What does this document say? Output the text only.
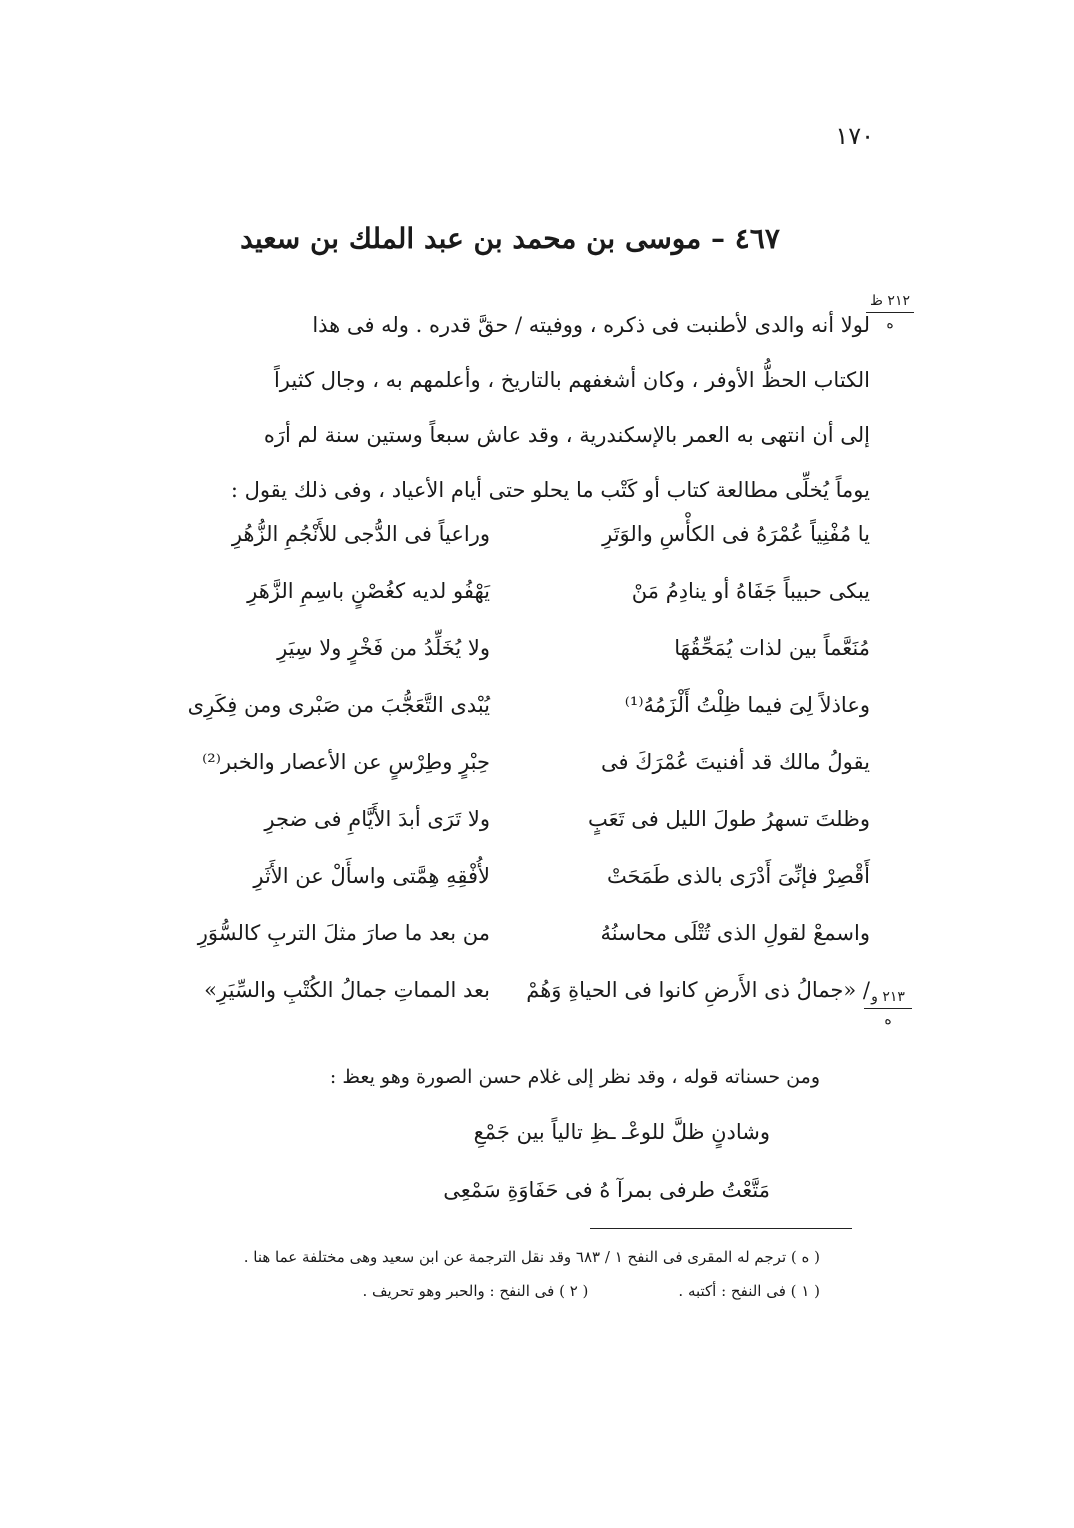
١٧٠
٤٦٧ – موسى بن محمد بن عبد الملك بن سعيد
٢١٢ ظ
ه
٢١٣ و
ه

لولا أنه والدى لأطنبت فى ذكره ، ووفيته / حقَّ قدره . وله فى هذا

الكتاب الحظُّ الأوفر ، وكان أشغفهم بالتاريخ ، وأعلمهم به ، وجال كثيراً

إلى أن انتهى به العمر بالإسكندرية ، وقد عاش سبعاً وستين سنة لم أرَه

يوماً يُخلِّى مطالعة كتاب أو كَتْب ما يحلو حتى أيام الأعياد ، وفى ذلك يقول :

يا مُفْنِياً عُمْرَهُ فى الكأْسِ والوَتَرِ
وراعياً فى الدُّجى للأَنْجُمِ الزُّهُرِ
يبكى حبيباً جَفَاهُ أو ينادِمُ مَنْ
يَهْفُو لديه كغُصْنٍ باسِمِ الزَّهَرِ
مُنَعَّماً بين لذات يُمَحِّقُهَا
ولا يُخَلِّدُ من فَخْرٍ ولا سِيَرِ
وعاذلاً لِىَ فيما ظِلْتُ أَلْزَمُهُ⁽¹⁾
يُبْدى التَّعَجُّبَ من صَبْرى ومن فِكَرِى
يقولُ مالك قد أفنيتَ عُمْرَكَ فى
حِبْرٍ وطِرْسٍ عن الأعصار والخبر⁽²⁾
وظلتَ تسهرُ طولَ الليل فى تَعَبٍ
ولا تَرَى أبدَ الأَيَّامِ فى ضجرِ
أَقْصِرْ فإنِّىَ أَدْرَى بالذى طَمَحَتْ
لأُفْقِهِ هِمَّتى واسأَلْ عن الأَثَرِ
واسمعْ لقولِ الذى تُتْلَى محاسنُهُ
من بعد ما صارَ مثلَ التربِ كالسُّوَرِ
/ «جمالُ ذى الأَرضِ كانوا فى الحياةِ وَهُمْ
بعد المماتِ جمالُ الكُتْبِ والسِّيَرِ»
ومن حسناته قوله ، وقد نظر إلى غلام حسن الصورة وهو يعظ :
وشادنٍ ظلَّ للوعْـ ـظِ تالياً بين جَمْعِ
مَتَّعْتُ طرفى بمرآ هُ فى حَفَاوَةِ سَمْعِى
( ه ) ترجم له المقرى فى النفح ١ / ٦٨٣ وقد نقل الترجمة عن ابن سعيد وهى مختلفة عما هنا .
( ١ ) فى النفح : أكتبه .
( ٢ ) فى النفح : والحبر وهو تحريف .
